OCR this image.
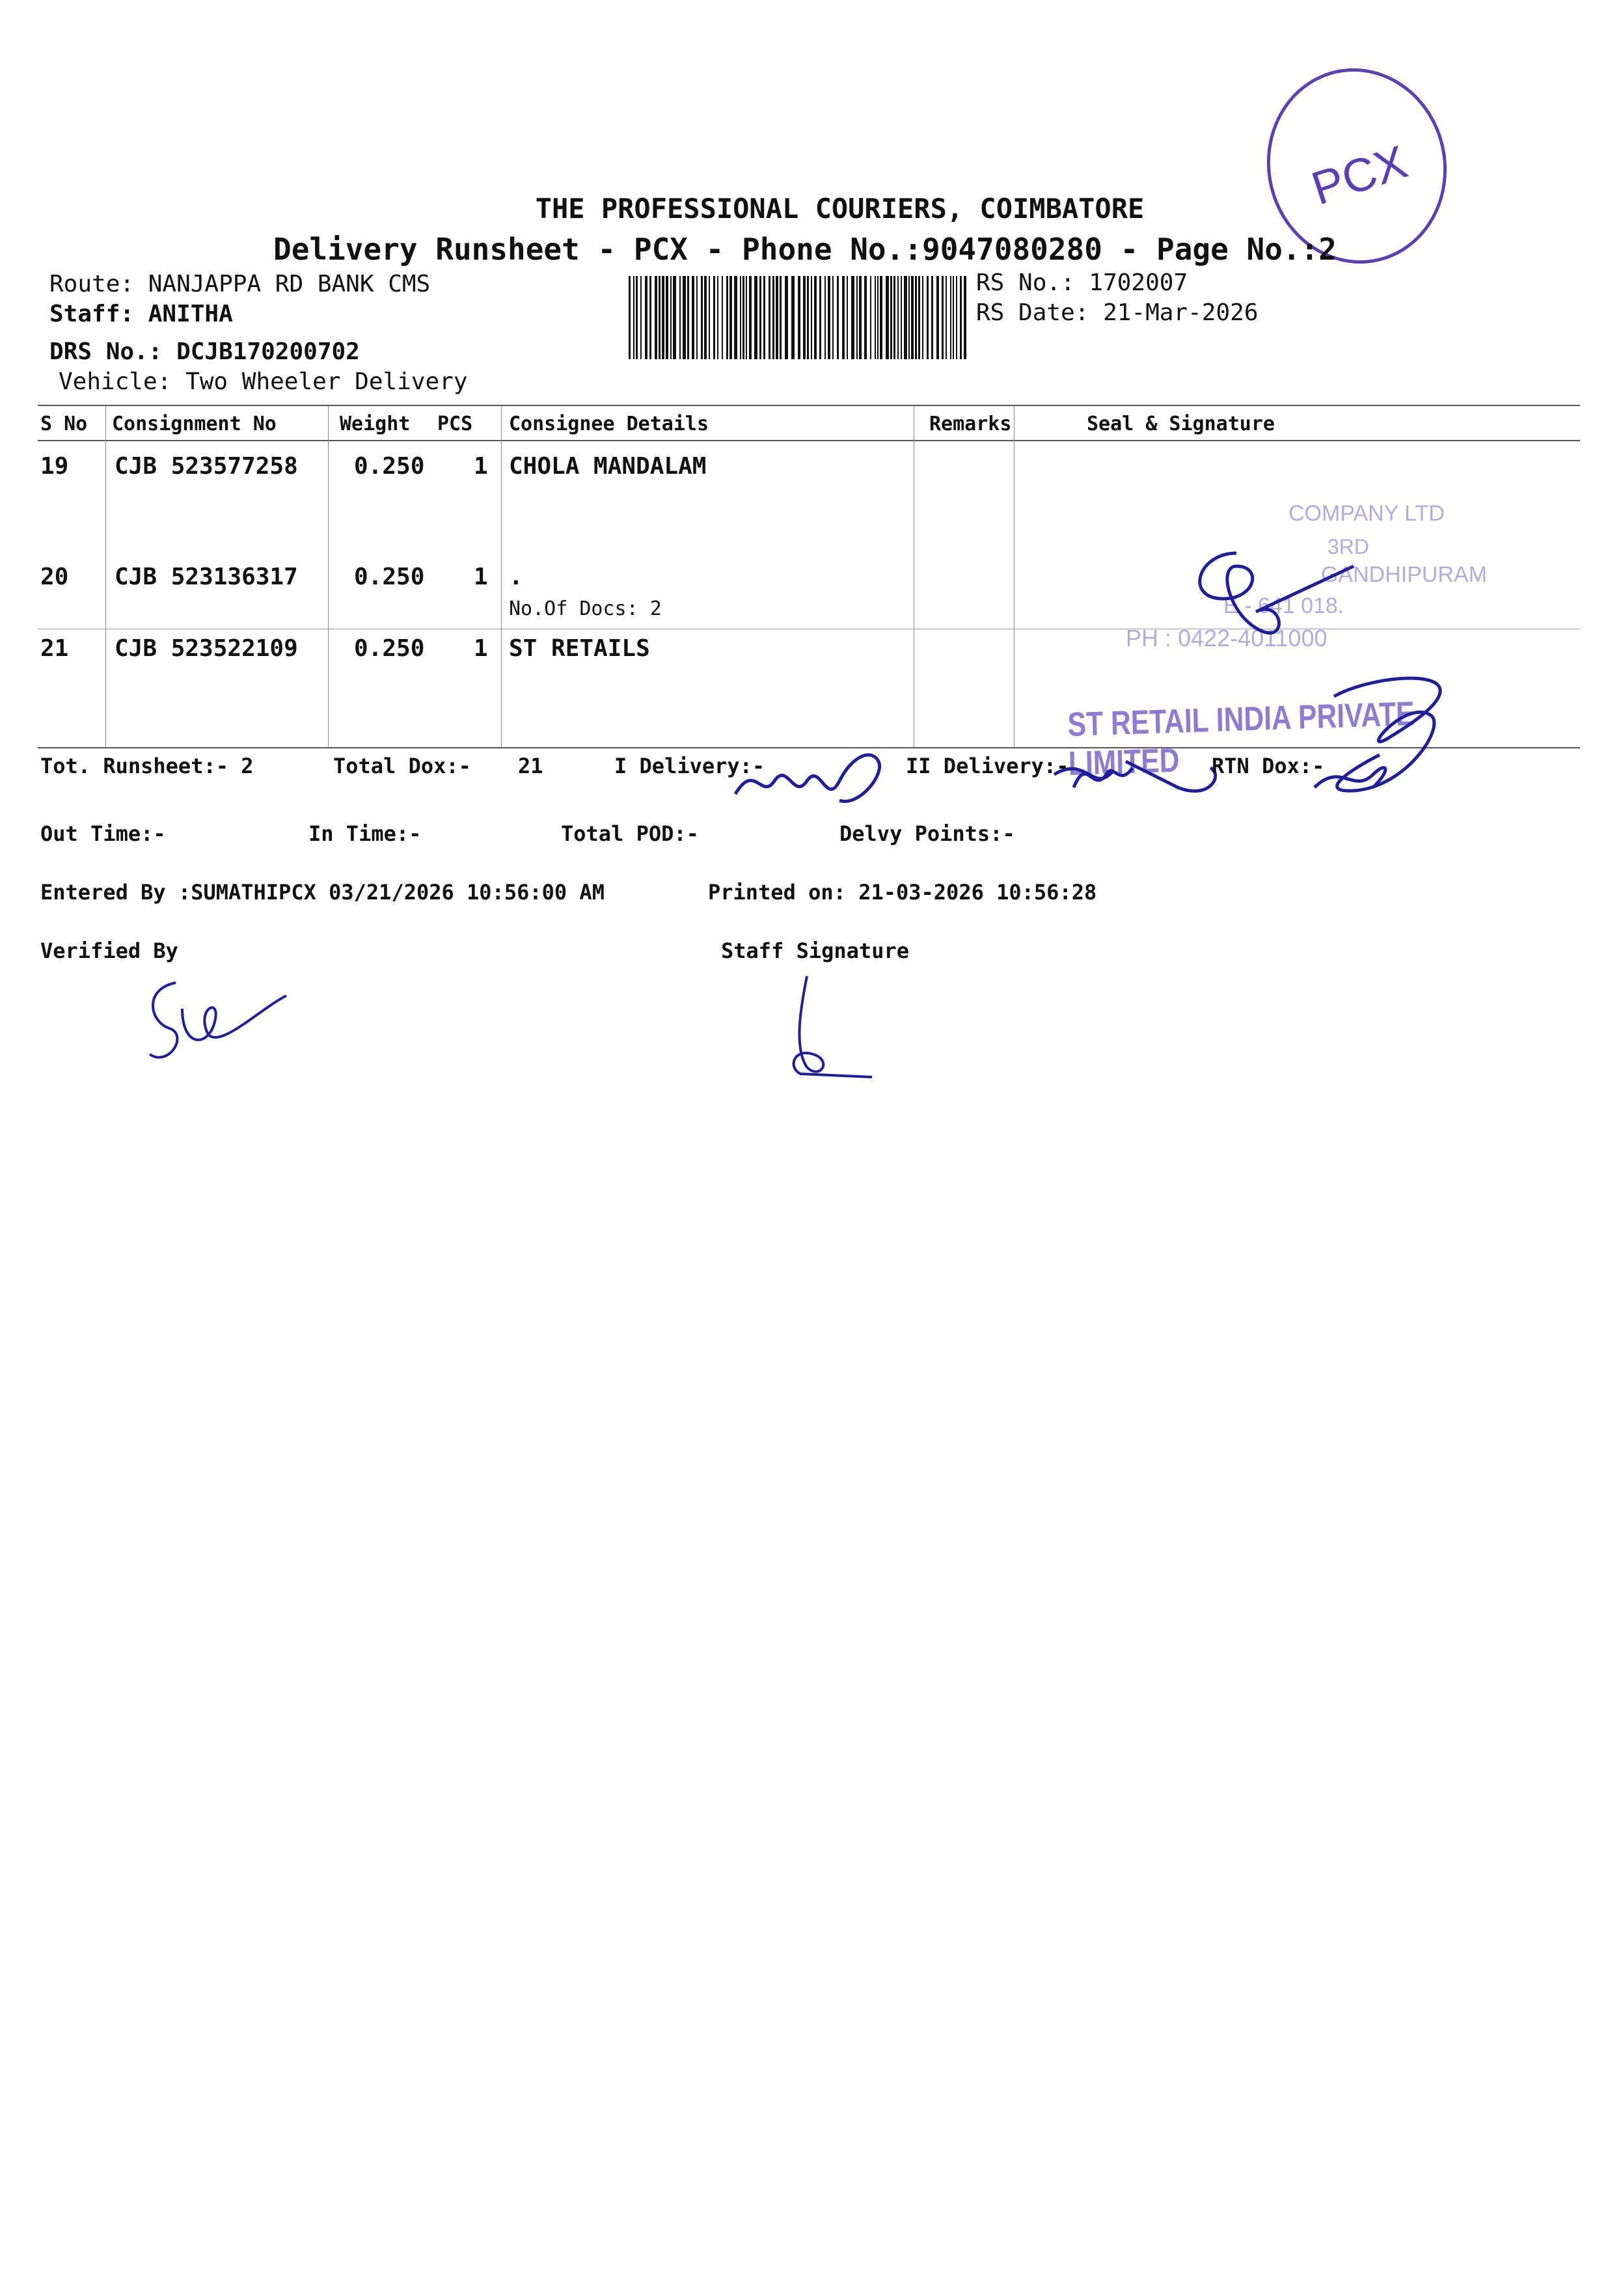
PCX
THE PROFESSIONAL COURIERS, COIMBATORE
Delivery Runsheet - PCX - Phone No.:9047080280 - Page No.:2
Route: NANJAPPA RD BANK CMS
Staff: ANITHA
DRS No.: DCJB170200702
Vehicle: Two Wheeler Delivery
RS No.: 1702007
RS Date: 21-Mar-2026
S No Consignment No	Weight PCS Consignee Details	Remarks	Seal & Signature
19 CJB 523577258 0.250 1 CHOLA MANDALAM
20 CJB 523136317 0.250 1 .
No.Of Docs: 2
21 CJB 523522109 0.250 1 ST RETAILS
COMPANY LTD
3RD
GANDHIPURAM
E - 641 018.
PH : 0422-4011000
ST RETAIL INDIA PRIVATE LIMITED
Tot. Runsheet:- 2	Total Dox:- 21	I Delivery:-	II Delivery:-	RTN Dox:-
Out Time:-	In Time:-	Total POD:-	Delvy Points:-
Entered By :SUMATHIPCX 03/21/2026 10:56:00 AM	Printed on: 21-03-2026 10:56:28
Verified By	Staff Signature
